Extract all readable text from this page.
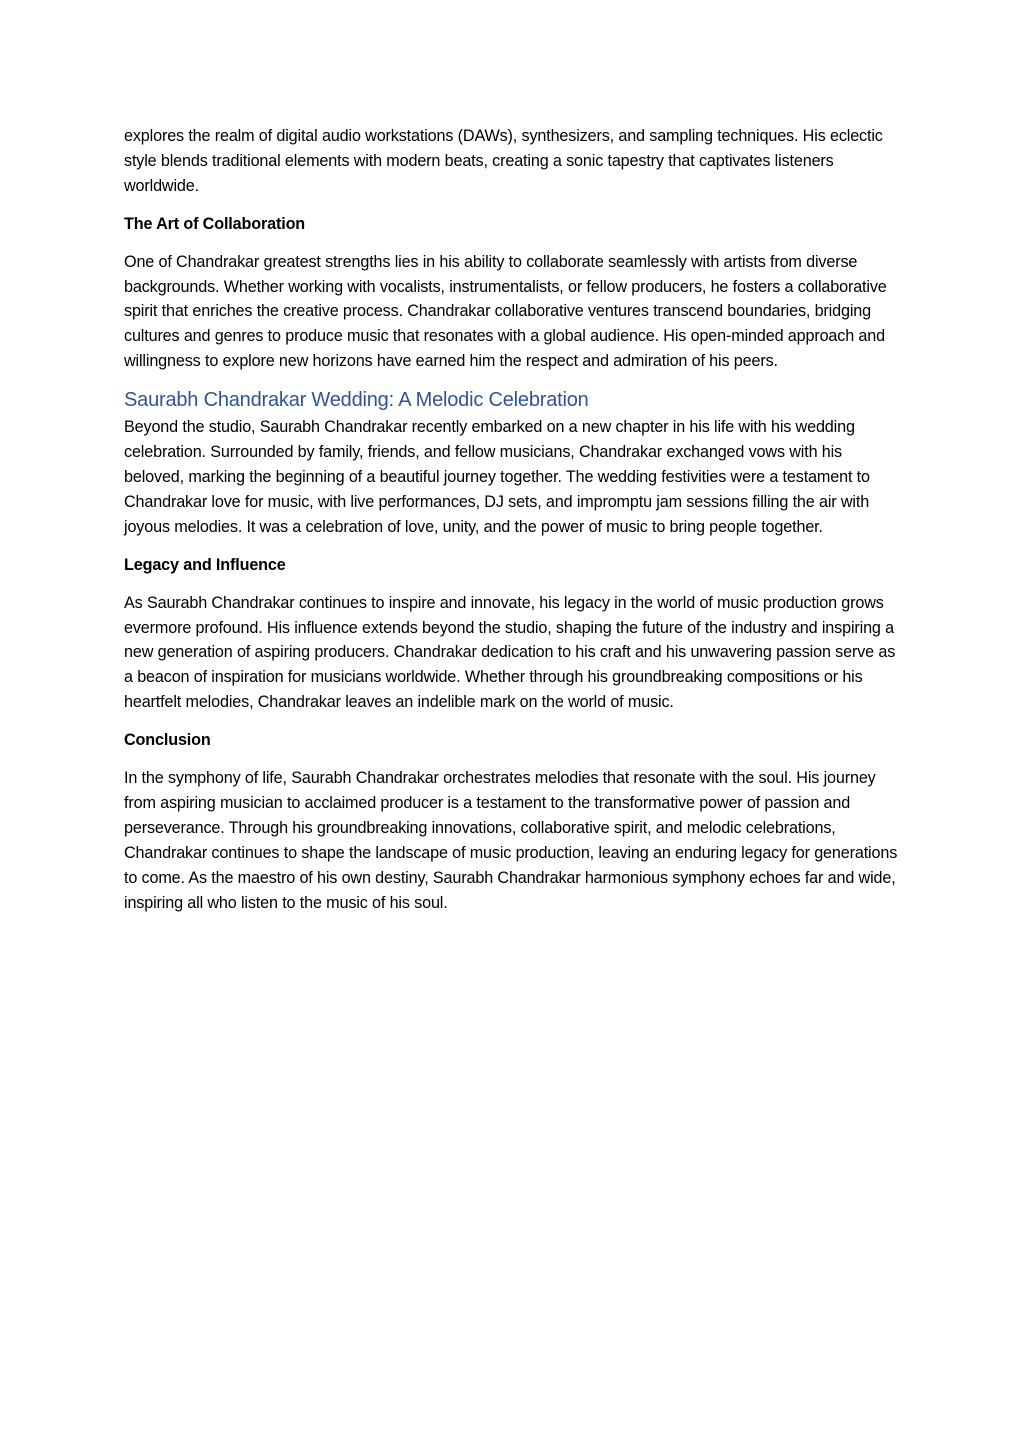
explores the realm of digital audio workstations (DAWs), synthesizers, and sampling techniques. His eclectic style blends traditional elements with modern beats, creating a sonic tapestry that captivates listeners worldwide.

The Art of Collaboration

One of Chandrakar greatest strengths lies in his ability to collaborate seamlessly with artists from diverse backgrounds. Whether working with vocalists, instrumentalists, or fellow producers, he fosters a collaborative spirit that enriches the creative process. Chandrakar collaborative ventures transcend boundaries, bridging cultures and genres to produce music that resonates with a global audience. His open-minded approach and willingness to explore new horizons have earned him the respect and admiration of his peers.

Saurabh Chandrakar Wedding: A Melodic Celebration

Beyond the studio, Saurabh Chandrakar recently embarked on a new chapter in his life with his wedding celebration. Surrounded by family, friends, and fellow musicians, Chandrakar exchanged vows with his beloved, marking the beginning of a beautiful journey together. The wedding festivities were a testament to Chandrakar love for music, with live performances, DJ sets, and impromptu jam sessions filling the air with joyous melodies. It was a celebration of love, unity, and the power of music to bring people together.

Legacy and Influence

As Saurabh Chandrakar continues to inspire and innovate, his legacy in the world of music production grows evermore profound. His influence extends beyond the studio, shaping the future of the industry and inspiring a new generation of aspiring producers. Chandrakar dedication to his craft and his unwavering passion serve as a beacon of inspiration for musicians worldwide. Whether through his groundbreaking compositions or his heartfelt melodies, Chandrakar leaves an indelible mark on the world of music.

Conclusion

In the symphony of life, Saurabh Chandrakar orchestrates melodies that resonate with the soul. His journey from aspiring musician to acclaimed producer is a testament to the transformative power of passion and perseverance. Through his groundbreaking innovations, collaborative spirit, and melodic celebrations, Chandrakar continues to shape the landscape of music production, leaving an enduring legacy for generations to come. As the maestro of his own destiny, Saurabh Chandrakar harmonious symphony echoes far and wide, inspiring all who listen to the music of his soul.
